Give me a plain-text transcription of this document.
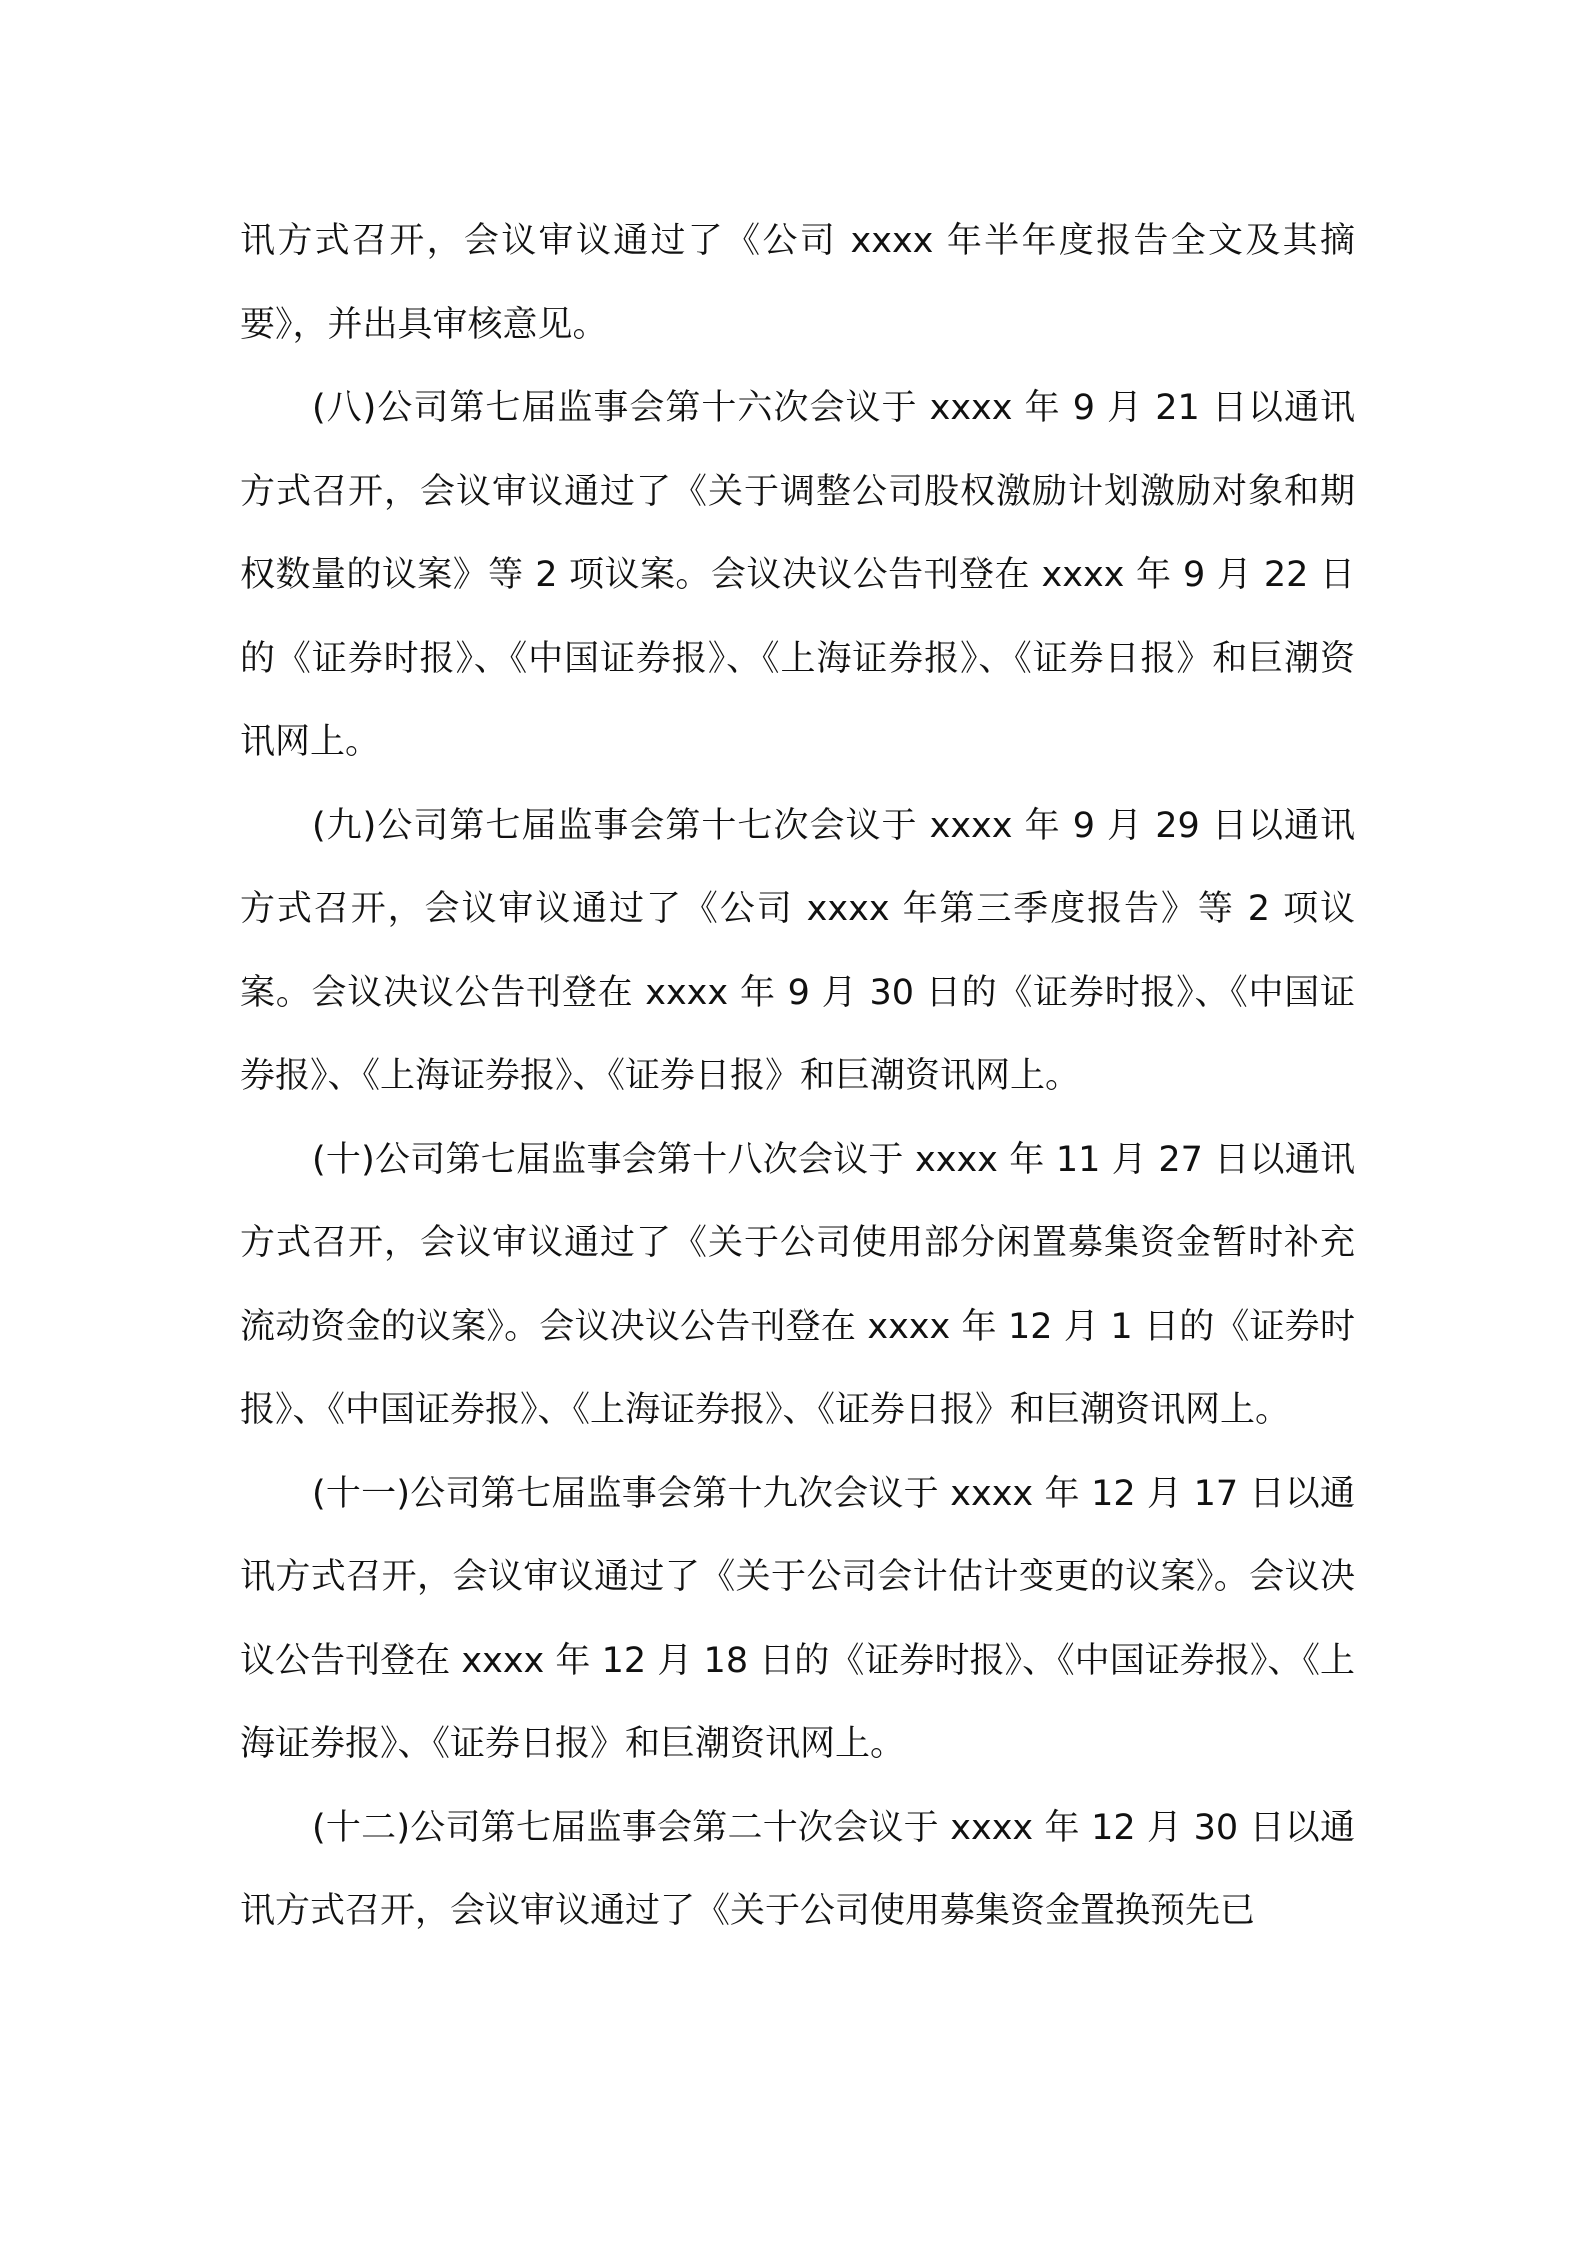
讯方式召开，会议审议通过了《公司 xxxx 年半年度报告全文及其摘要》，并出具审核意见。

(八)公司第七届监事会第十六次会议于 xxxx 年 9 月 21 日以通讯方式召开，会议审议通过了《关于调整公司股权激励计划激励对象和期权数量的议案》等 2 项议案。会议决议公告刊登在 xxxx 年 9 月 22 日的《证券时报》、《中国证券报》、《上海证券报》、《证券日报》和巨潮资讯网上。

(九)公司第七届监事会第十七次会议于 xxxx 年 9 月 29 日以通讯方式召开，会议审议通过了《公司 xxxx 年第三季度报告》等 2 项议案。会议决议公告刊登在 xxxx 年 9 月 30 日的《证券时报》、《中国证券报》、《上海证券报》、《证券日报》和巨潮资讯网上。

(十)公司第七届监事会第十八次会议于 xxxx 年 11 月 27 日以通讯方式召开，会议审议通过了《关于公司使用部分闲置募集资金暂时补充流动资金的议案》。会议决议公告刊登在 xxxx 年 12 月 1 日的《证券时报》、《中国证券报》、《上海证券报》、《证券日报》和巨潮资讯网上。

(十一)公司第七届监事会第十九次会议于 xxxx 年 12 月 17 日以通讯方式召开，会议审议通过了《关于公司会计估计变更的议案》。会议决议公告刊登在 xxxx 年 12 月 18 日的《证券时报》、《中国证券报》、《上海证券报》、《证券日报》和巨潮资讯网上。

(十二)公司第七届监事会第二十次会议于 xxxx 年 12 月 30 日以通讯方式召开，会议审议通过了《关于公司使用募集资金置换预先已
